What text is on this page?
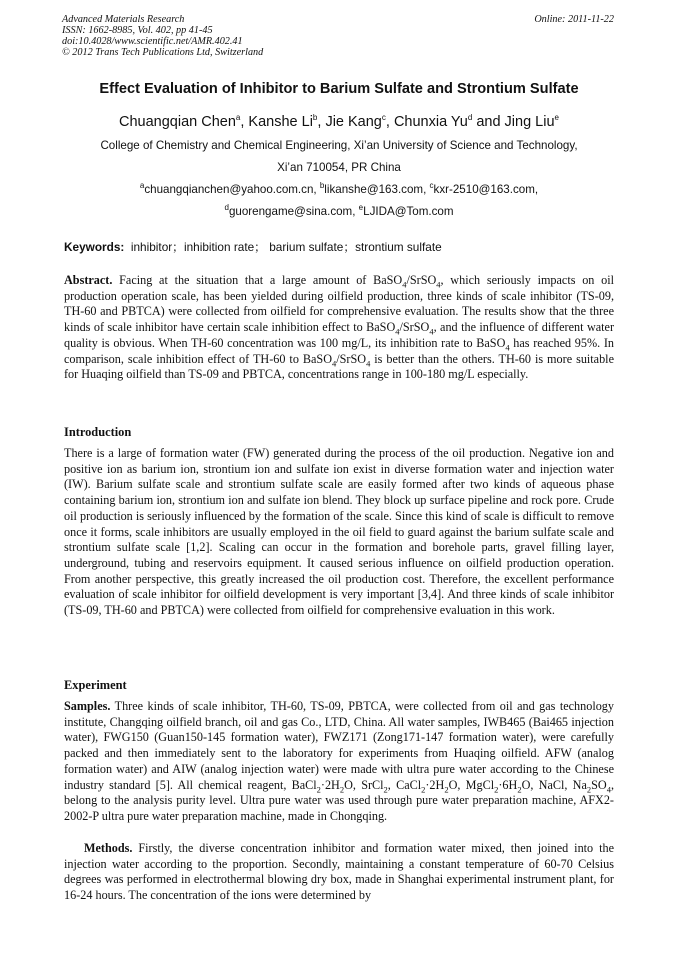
Advanced Materials Research
ISSN: 1662-8985, Vol. 402, pp 41-45
doi:10.4028/www.scientific.net/AMR.402.41
© 2012 Trans Tech Publications Ltd, Switzerland
Online: 2011-11-22
Effect Evaluation of Inhibitor to Barium Sulfate and Strontium Sulfate
Chuangqian Chen$^a$, Kanshe Li$^b$, Jie Kang$^c$, Chunxia Yu$^d$ and Jing Liu$^e$
College of Chemistry and Chemical Engineering, Xi’an University of Science and Technology,
Xi’an 710054, PR China
$^a$chuangqianchen@yahoo.com.cn, $^b$likanshe@163.com, $^c$kxr-2510@163.com,
$^d$guorengame@sina.com, $^e$LJIDA@Tom.com
Keywords: inhibitor；inhibition rate； barium sulfate；strontium sulfate
Abstract. Facing at the situation that a large amount of BaSO$_4$/SrSO$_4$, which seriously impacts on oil production operation scale, has been yielded during oilfield production, three kinds of scale inhibitor (TS-09, TH-60 and PBTCA) were collected from oilfield for comprehensive evaluation. The results show that the three kinds of scale inhibitor have certain scale inhibition effect to BaSO$_4$/SrSO$_4$, and the influence of different water quality is obvious. When TH-60 concentration was 100 mg/L, its inhibition rate to BaSO$_4$ has reached 95%. In comparison, scale inhibition effect of TH-60 to BaSO$_4$/SrSO$_4$ is better than the others. TH-60 is more suitable for Huaqing oilfield than TS-09 and PBTCA, concentrations range in 100-180 mg/L especially.
Introduction
There is a large of formation water (FW) generated during the process of the oil production. Negative ion and positive ion as barium ion, strontium ion and sulfate ion exist in diverse formation water and injection water (IW). Barium sulfate scale and strontium sulfate scale are easily formed after two kinds of aqueous phase containing barium ion, strontium ion and sulfate ion blend. They block up surface pipeline and rock pore. Crude oil production is seriously influenced by the formation of the scale. Since this kind of scale is difficult to remove once it forms, scale inhibitors are usually employed in the oil field to guard against the barium sulfate scale and strontium sulfate scale [1,2]. Scaling can occur in the formation and borehole parts, gravel filling layer, underground, tubing and reservoirs equipment. It caused serious influence on oilfield production operation. From another perspective, this greatly increased the oil production cost. Therefore, the excellent performance evaluation of scale inhibitor for oilfield development is very important [3,4]. And three kinds of scale inhibitor (TS-09, TH-60 and PBTCA) were collected from oilfield for comprehensive evaluation in this work.
Experiment
Samples. Three kinds of scale inhibitor, TH-60, TS-09, PBTCA, were collected from oil and gas technology institute, Changqing oilfield branch, oil and gas Co., LTD, China. All water samples, IWB465 (Bai465 injection water), FWG150 (Guan150-145 formation water), FWZ171 (Zong171-147 formation water), were carefully packed and then immediately sent to the laboratory for experiments from Huaqing oilfield. AFW (analog formation water) and AIW (analog injection water) were made with ultra pure water according to the Chinese industry standard [5]. All chemical reagent, $BaCl_2\cdot 2H_2O$, SrCl$_2$, $CaCl_2\cdot 2H_2O$, $MgCl_2\cdot 6H_2O$, NaCl, $Na_2SO_4$, belong to the analysis purity level. Ultra pure water was used through pure water preparation machine, AFX2-2002-P ultra pure water preparation machine, made in Chongqing.
Methods. Firstly, the diverse concentration inhibitor and formation water mixed, then joined into the injection water according to the proportion. Secondly, maintaining a constant temperature of 60-70 Celsius degrees was performed in electrothermal blowing dry box, made in Shanghai experimental instrument plant, for 16-24 hours. The concentration of the ions were determined by
